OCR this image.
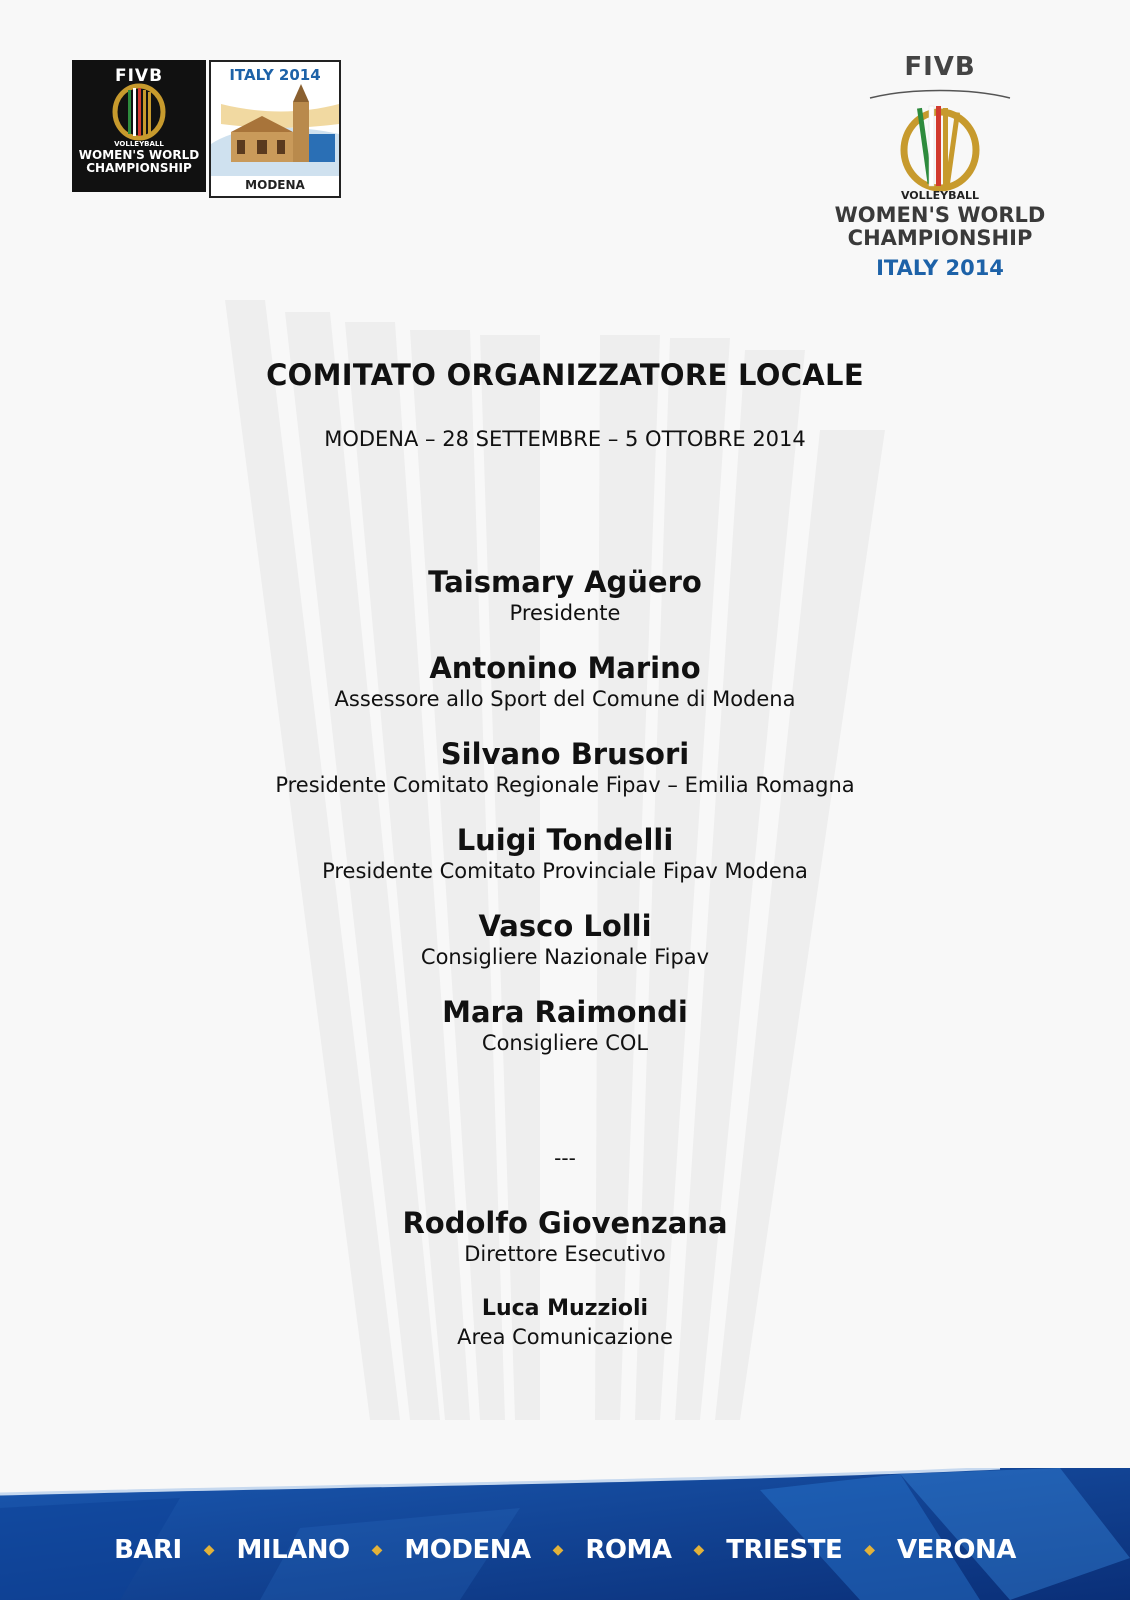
FIVB
VOLLEYBALL
WOMEN'S WORLD CHAMPIONSHIP
ITALY 2014
MODENA
FIVB
VOLLEYBALL
WOMEN'S WORLD
CHAMPIONSHIP
ITALY 2014
COMITATO ORGANIZZATORE LOCALE
MODENA – 28 SETTEMBRE – 5 OTTOBRE 2014
Taismary Agüero
Presidente
Antonino Marino
Assessore allo Sport del Comune di Modena
Silvano Brusori
Presidente Comitato Regionale Fipav – Emilia Romagna
Luigi Tondelli
Presidente Comitato Provinciale Fipav Modena
Vasco Lolli
Consigliere Nazionale Fipav
Mara Raimondi
Consigliere COL
---
Rodolfo Giovenzana
Direttore Esecutivo
Luca Muzzioli
Area Comunicazione
BARI ◆ MILANO ◆ MODENA ◆ ROMA ◆ TRIESTE ◆ VERONA
